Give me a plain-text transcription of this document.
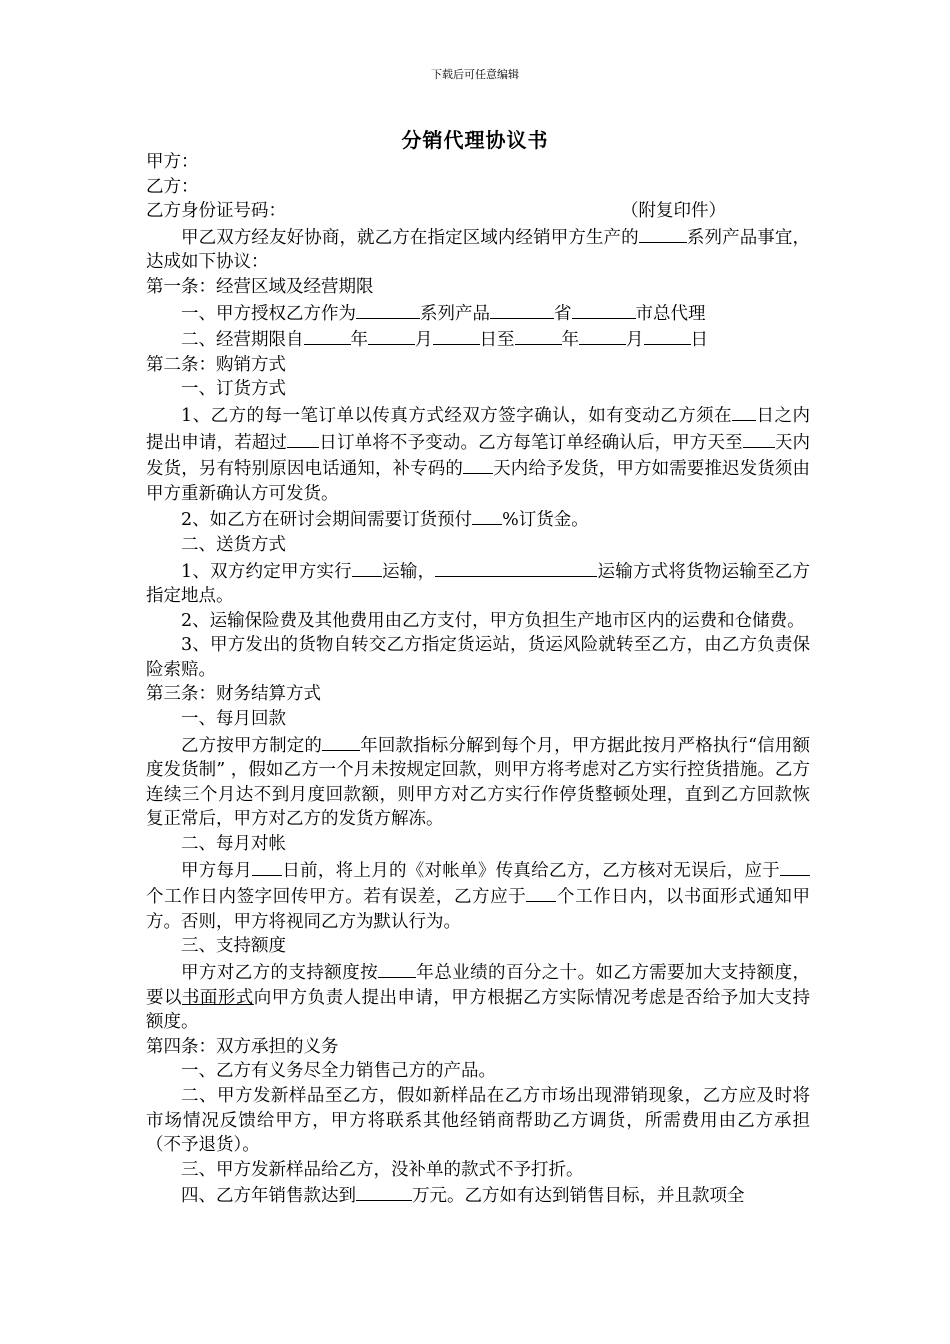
下载后可任意编辑
分销代理协议书
甲方：
乙方：
乙方身份证号码：	（附复印件）
甲乙双方经友好协商，就乙方在指定区域内经销甲方生产的	系列产品事宜，达成如下协议：
第一条：经营区域及经营期限
一、甲方授权乙方作为	系列产品	省	市总代理
二、经营期限自	年	月	日至	年	月	日
第二条：购销方式
一、订货方式
1、乙方的每一笔订单以传真方式经双方签字确认，如有变动乙方须在 日之内提出申请，若超过 日订单将不予变动。乙方每笔订单经确认后，甲方天至 天内发货，另有特别原因电话通知，补专码的 天内给予发货，甲方如需要推迟发货须由甲方重新确认方可发货。
2、如乙方在研讨会期间需要订货预付 %订货金。
二、送货方式
1、双方约定甲方实行 运输，	运输方式将货物运输至乙方指定地点。
2、运输保险费及其他费用由乙方支付，甲方负担生产地市区内的运费和仓储费。
3、甲方发出的货物自转交乙方指定货运站，货运风险就转至乙方，由乙方负责保险索赔。
第三条：财务结算方式
一、每月回款
乙方按甲方制定的 年回款指标分解到每个月，甲方据此按月严格执行“信用额度发货制” ，假如乙方一个月未按规定回款，则甲方将考虑对乙方实行控货措施。乙方连续三个月达不到月度回款额，则甲方对乙方实行作停货整顿处理，直到乙方回款恢复正常后，甲方对乙方的发货方解冻。
二、每月对帐
甲方每月 日前，将上月的《对帐单》传真给乙方，乙方核对无误后，应于个工作日内签字回传甲方。若有误差，乙方应于 个工作日内，以书面形式通知甲方。否则，甲方将视同乙方为默认行为。
三、支持额度
甲方对乙方的支持额度按 年总业绩的百分之十。如乙方需要加大支持额度，要以书面形式向甲方负责人提出申请，甲方根据乙方实际情况考虑是否给予加大支持额度。
第四条：双方承担的义务
一、乙方有义务尽全力销售己方的产品。
二、甲方发新样品至乙方，假如新样品在乙方市场出现滞销现象，乙方应及时将市场情况反馈给甲方，甲方将联系其他经销商帮助乙方调货，所需费用由乙方承担（不予退货）。
三、甲方发新样品给乙方，没补单的款式不予打折。
四、乙方年销售款达到	万元。乙方如有达到销售目标，并且款项全
